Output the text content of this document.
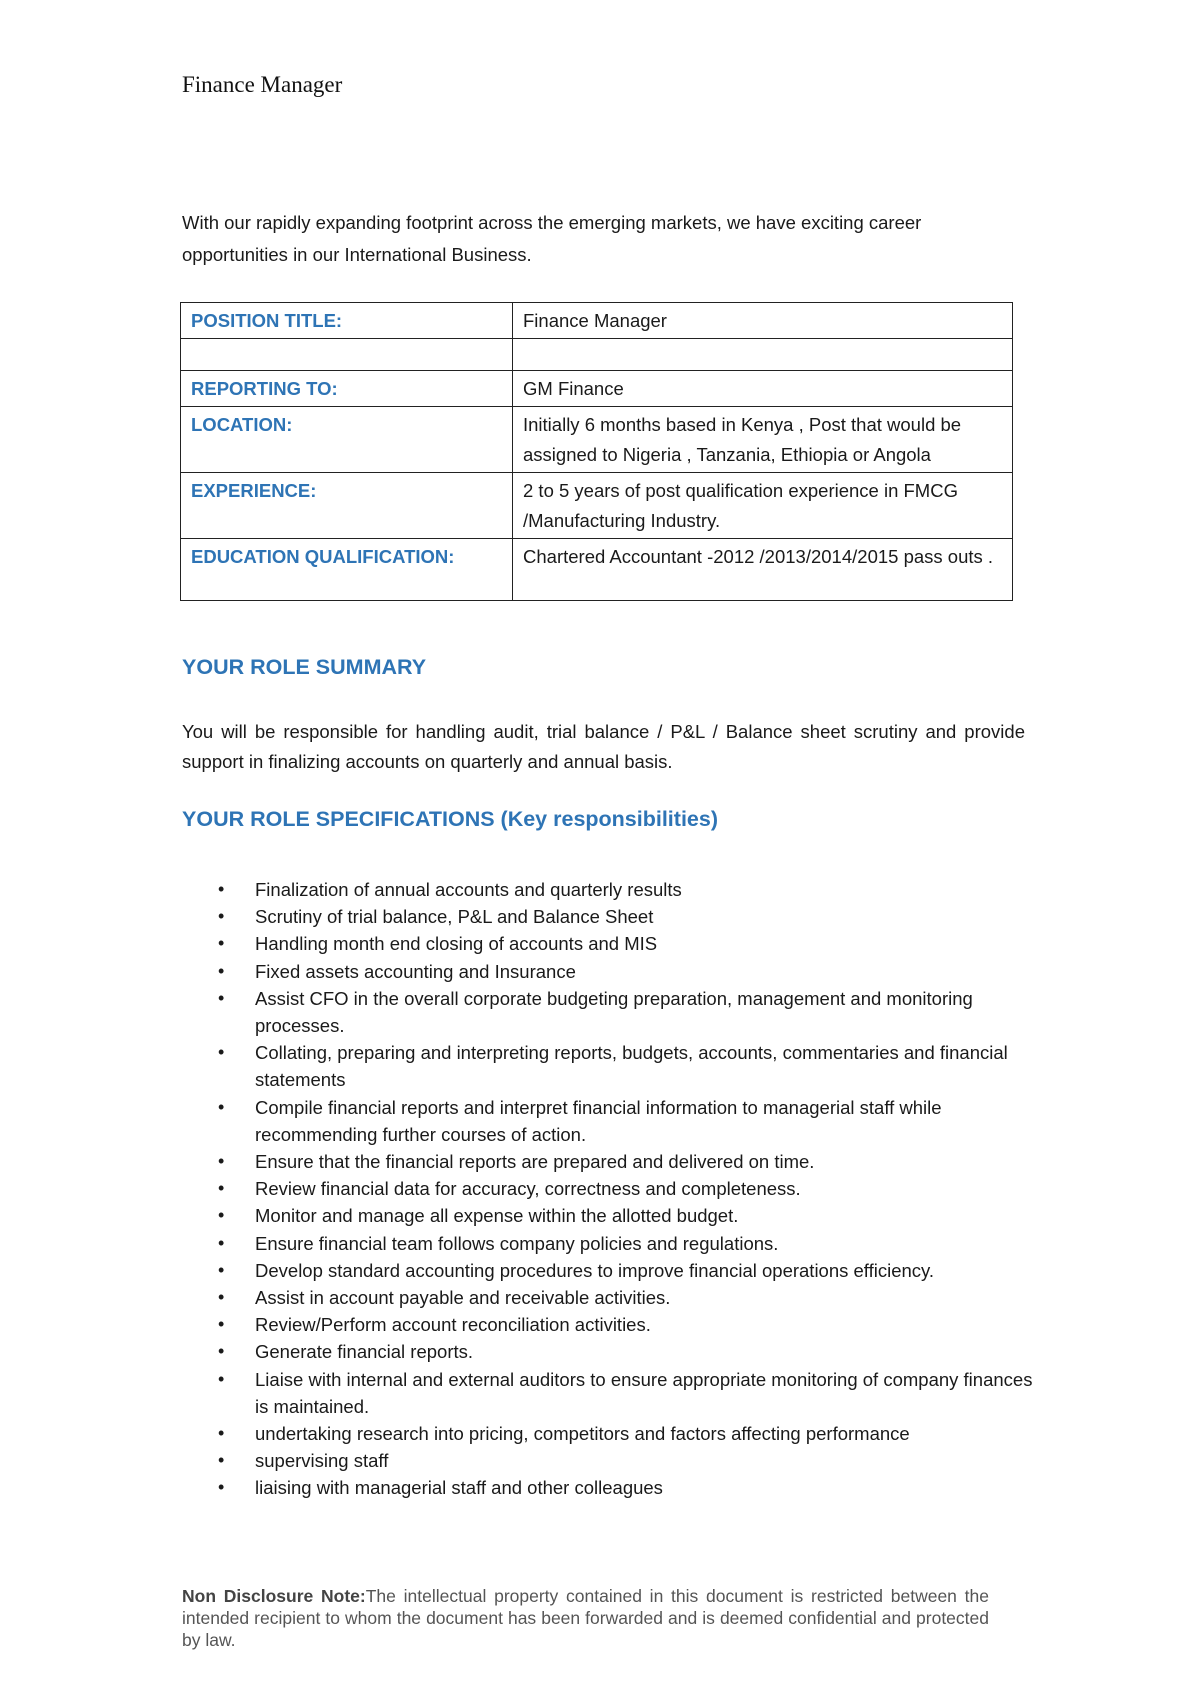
Finance Manager
With our rapidly expanding footprint across the emerging markets, we have exciting career opportunities in our International Business.
POSITION TITLE:	Finance Manager

REPORTING TO:	GM Finance
LOCATION:	Initially 6 months based in Kenya , Post that would be assigned to Nigeria , Tanzania, Ethiopia or Angola
EXPERIENCE:	2 to 5 years of post qualification experience in FMCG /Manufacturing Industry.
EDUCATION QUALIFICATION:	Chartered Accountant -2012 /2013/2014/2015 pass outs .
YOUR ROLE SUMMARY
You will be responsible for handling audit, trial balance / P&L / Balance sheet scrutiny and provide support in finalizing accounts on quarterly and annual basis.
YOUR ROLE SPECIFICATIONS (Key responsibilities)
• Finalization of annual accounts and quarterly results
• Scrutiny of trial balance, P&L and Balance Sheet
• Handling month end closing of accounts and MIS
• Fixed assets accounting and Insurance
• Assist CFO in the overall corporate budgeting preparation, management and monitoring processes.
• Collating, preparing and interpreting reports, budgets, accounts, commentaries and financial statements
• Compile financial reports and interpret financial information to managerial staff while recommending further courses of action.
• Ensure that the financial reports are prepared and delivered on time.
• Review financial data for accuracy, correctness and completeness.
• Monitor and manage all expense within the allotted budget.
• Ensure financial team follows company policies and regulations.
• Develop standard accounting procedures to improve financial operations efficiency.
• Assist in account payable and receivable activities.
• Review/Perform account reconciliation activities.
• Generate financial reports.
• Liaise with internal and external auditors to ensure appropriate monitoring of company finances is maintained.
• undertaking research into pricing, competitors and factors affecting performance
• supervising staff
• liaising with managerial staff and other colleagues
Non Disclosure Note:The intellectual property contained in this document is restricted between the intended recipient to whom the document has been forwarded and is deemed confidential and protected by law.
